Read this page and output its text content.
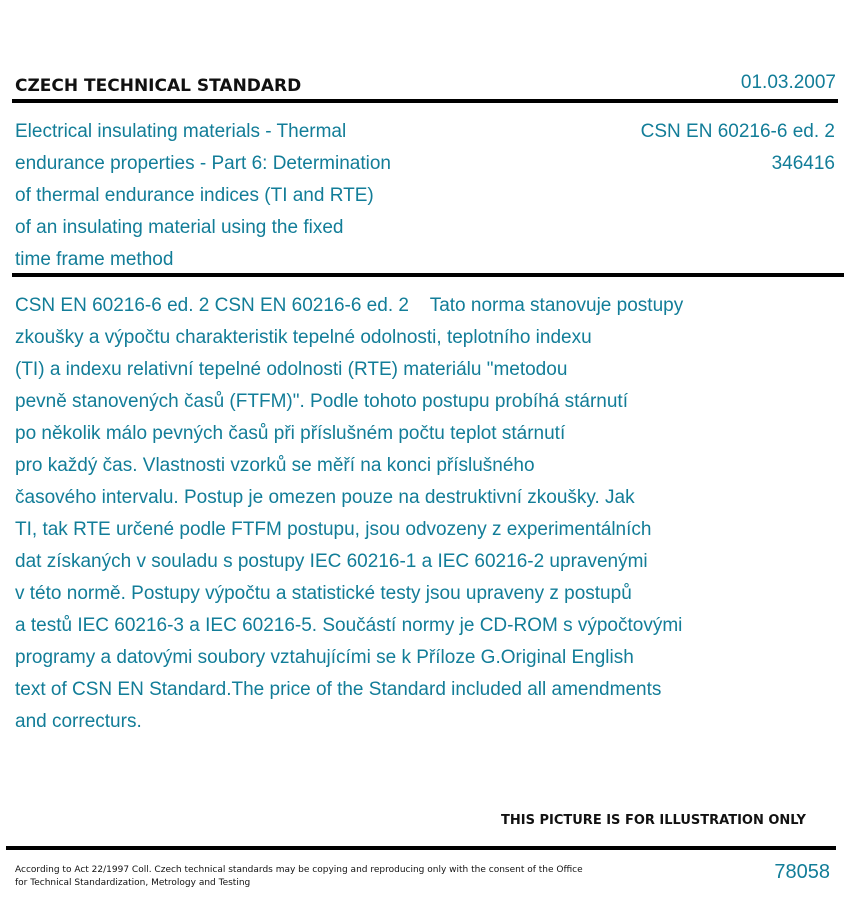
CZECH TECHNICAL STANDARD	01.03.2007
Electrical insulating materials - Thermal
endurance properties - Part 6: Determination
of thermal endurance indices (TI and RTE)
of an insulating material using the fixed
time frame method
CSN EN 60216-6 ed. 2
346416
CSN EN 60216-6 ed. 2 CSN EN 60216-6 ed. 2    Tato norma stanovuje postupy
zkoušky a výpočtu charakteristik tepelné odolnosti, teplotního indexu
(TI) a indexu relativní tepelné odolnosti (RTE) materiálu "metodou
pevně stanovených časů (FTFM)". Podle tohoto postupu probíhá stárnutí
po několik málo pevných časů při příslušném počtu teplot stárnutí
pro každý čas. Vlastnosti vzorků se měří na konci příslušného
časového intervalu. Postup je omezen pouze na destruktivní zkoušky. Jak
TI, tak RTE určené podle FTFM postupu, jsou odvozeny z experimentálních
dat získaných v souladu s postupy IEC 60216-1 a IEC 60216-2 upravenými
v této normě. Postupy výpočtu a statistické testy jsou upraveny z postupů
a testů IEC 60216-3 a IEC 60216-5. Součástí normy je CD-ROM s výpočtovými
programy a datovými soubory vztahujícími se k Příloze G.Original English
text of CSN EN Standard.The price of the Standard included all amendments
and correcturs.
THIS PICTURE IS FOR ILLUSTRATION ONLY
According to Act 22/1997 Coll. Czech technical standards may be copying and reproducing only with the consent of the Office
for Technical Standardization, Metrology and Testing	78058
